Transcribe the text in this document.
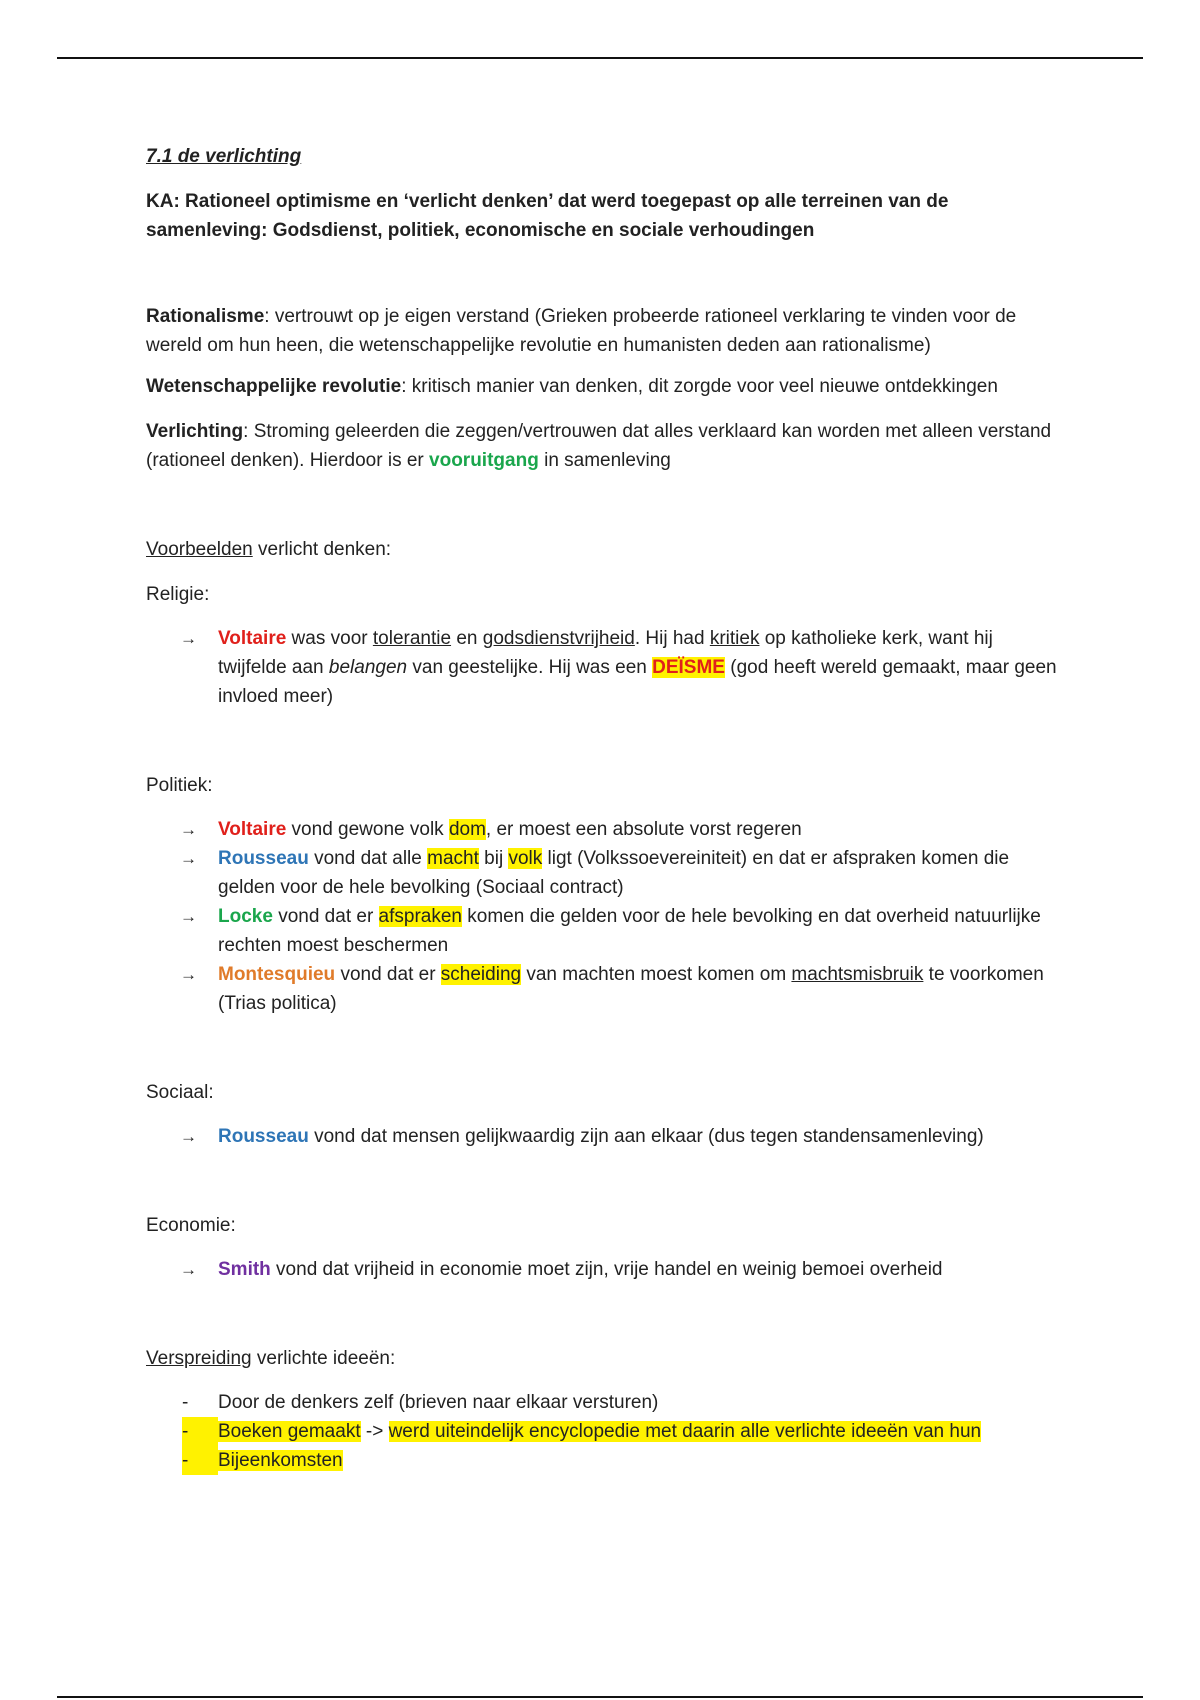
7.1 de verlichting

KA: Rationeel optimisme en ‘verlicht denken’ dat werd toegepast op alle terreinen van de
samenleving: Godsdienst, politiek, economische en sociale verhoudingen

Rationalisme: vertrouwt op je eigen verstand (Grieken probeerde rationeel verklaring te vinden voor de wereld om hun heen, die wetenschappelijke revolutie en humanisten deden aan rationalisme)

Wetenschappelijke revolutie: kritisch manier van denken, dit zorgde voor veel nieuwe ontdekkingen

Verlichting: Stroming geleerden die zeggen/vertrouwen dat alles verklaard kan worden met alleen verstand (rationeel denken). Hierdoor is er vooruitgang in samenleving

Voorbeelden verlicht denken:

Religie:

→ Voltaire was voor tolerantie en godsdienstvrijheid. Hij had kritiek op katholieke kerk, want hij twijfelde aan belangen van geestelijke. Hij was een DEÏSME (god heeft wereld gemaakt, maar geen invloed meer)

Politiek:

→ Voltaire vond gewone volk dom, er moest een absolute vorst regeren
→ Rousseau vond dat alle macht bij volk ligt (Volkssoevereiniteit) en dat er afspraken komen die gelden voor de hele bevolking (Sociaal contract)
→ Locke vond dat er afspraken komen die gelden voor de hele bevolking en dat overheid natuurlijke rechten moest beschermen
→ Montesquieu vond dat er scheiding van machten moest komen om machtsmisbruik te voorkomen (Trias politica)

Sociaal:

→ Rousseau vond dat mensen gelijkwaardig zijn aan elkaar (dus tegen standensamenleving)

Economie:

→ Smith vond dat vrijheid in economie moet zijn, vrije handel en weinig bemoei overheid

Verspreiding verlichte ideeën:

- Door de denkers zelf (brieven naar elkaar versturen)
-	Boeken gemaakt -> werd uiteindelijk encyclopedie met daarin alle verlichte ideeën van hun
-	Bijeenkomsten
